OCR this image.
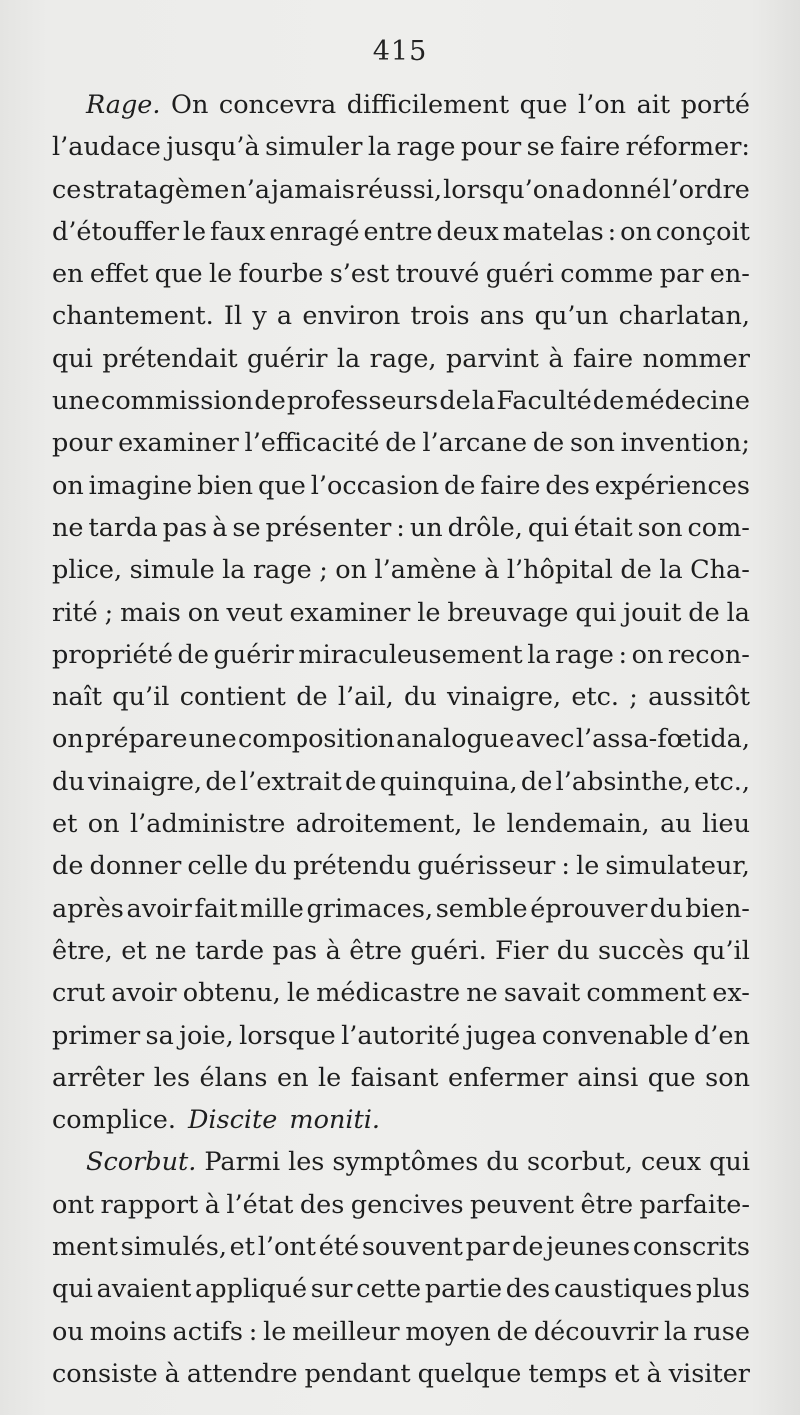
415
Rage. On concevra difficilement que l’on ait porté
l’audace jusqu’à simuler la rage pour se faire réformer:
ce stratagème n’a jamais réussi, lorsqu’on a donné l’ordre
d’étouffer le faux enragé entre deux matelas : on conçoit
en effet que le fourbe s’est trouvé guéri comme par en-
chantement. Il y a environ trois ans qu’un charlatan,
qui prétendait guérir la rage, parvint à faire nommer
une commission de professeurs de la Faculté de médecine
pour examiner l’efficacité de l’arcane de son invention;
on imagine bien que l’occasion de faire des expériences
ne tarda pas à se présenter : un drôle, qui était son com-
plice, simule la rage ; on l’amène à l’hôpital de la Cha-
rité ; mais on veut examiner le breuvage qui jouit de la
propriété de guérir miraculeusement la rage : on recon-
naît qu’il contient de l’ail, du vinaigre, etc. ; aussitôt
on prépare une composition analogue avec l’assa-fœtida,
du vinaigre, de l’extrait de quinquina, de l’absinthe, etc.,
et on l’administre adroitement, le lendemain, au lieu
de donner celle du prétendu guérisseur : le simulateur,
après avoir fait mille grimaces, semble éprouver du bien-
être, et ne tarde pas à être guéri. Fier du succès qu’il
crut avoir obtenu, le médicastre ne savait comment ex-
primer sa joie, lorsque l’autorité jugea convenable d’en
arrêter les élans en le faisant enfermer ainsi que son
complice. Discite moniti.
Scorbut. Parmi les symptômes du scorbut, ceux qui
ont rapport à l’état des gencives peuvent être parfaite-
ment simulés, et l’ont été souvent par de jeunes conscrits
qui avaient appliqué sur cette partie des caustiques plus
ou moins actifs : le meilleur moyen de découvrir la ruse
consiste à attendre pendant quelque temps et à visiter
